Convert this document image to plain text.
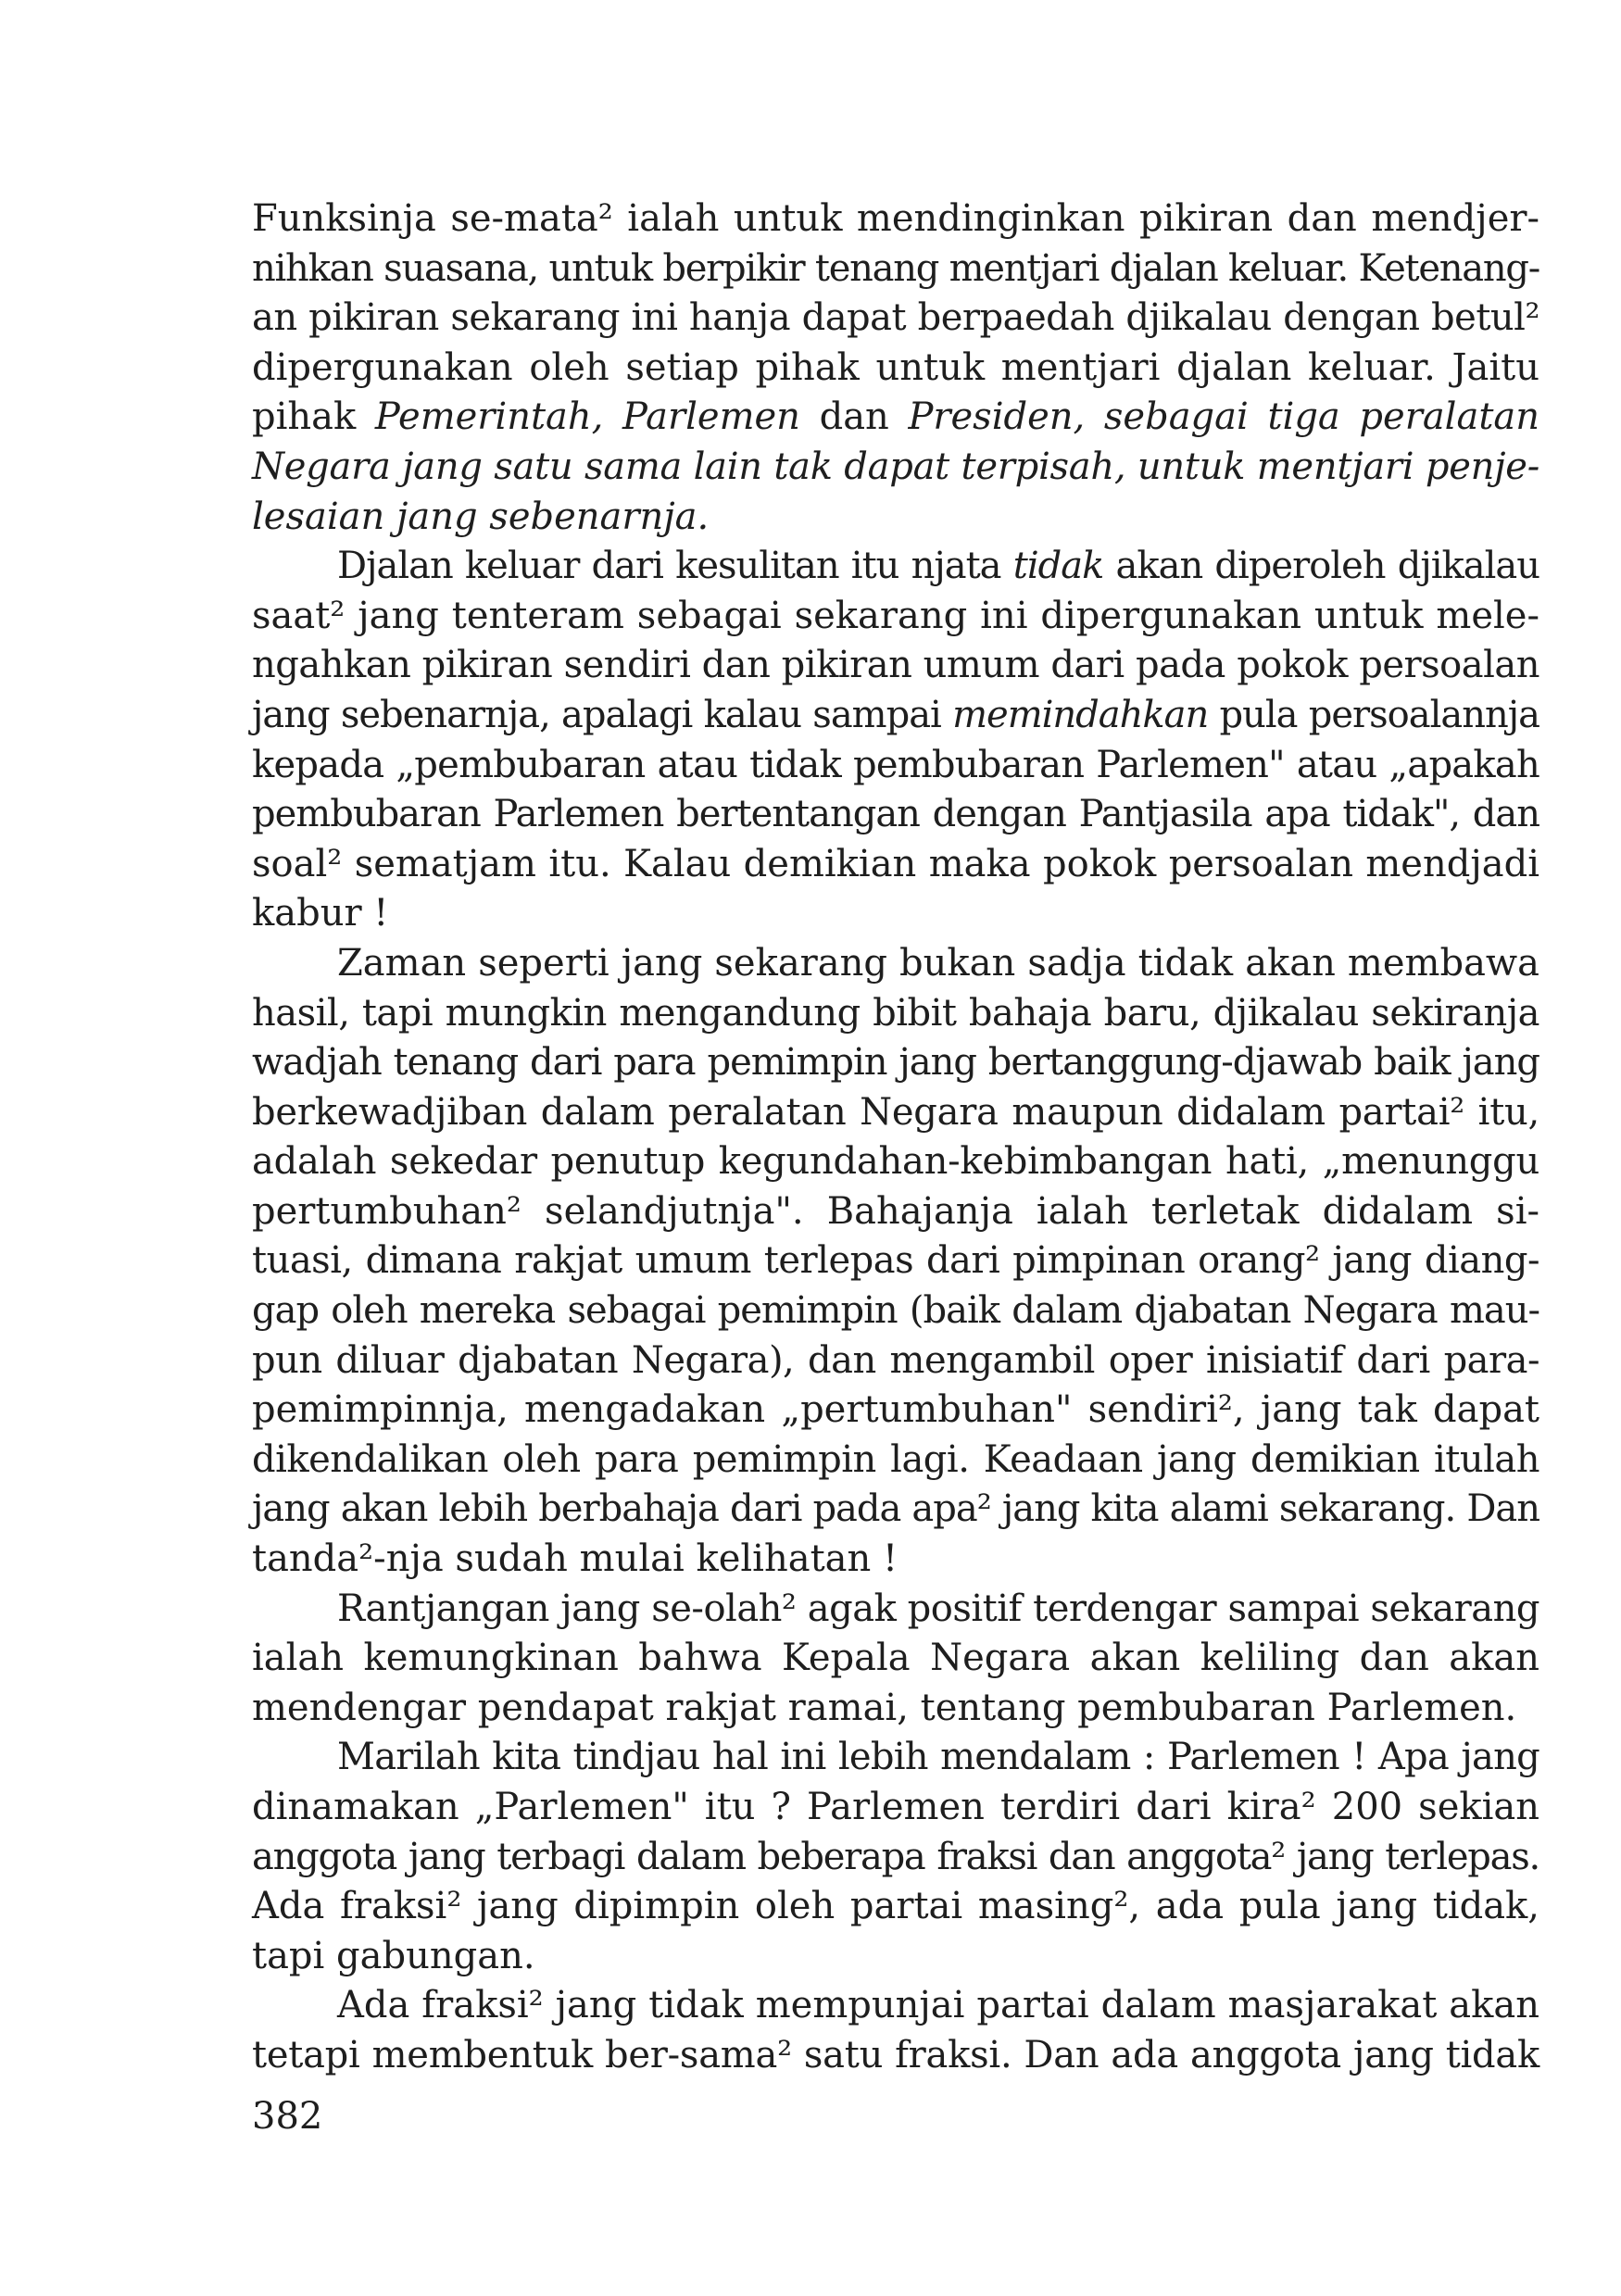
Funksinja se-mata² ialah untuk mendinginkan pikiran dan mendjer-
nihkan suasana, untuk berpikir tenang mentjari djalan keluar. Ketenang-
an pikiran sekarang ini hanja dapat berpaedah djikalau dengan betul²
dipergunakan oleh setiap pihak untuk mentjari djalan keluar. Jaitu
pihak Pemerintah, Parlemen dan Presiden, sebagai tiga peralatan
Negara jang satu sama lain tak dapat terpisah, untuk mentjari penje-
lesaian jang sebenarnja.
Djalan keluar dari kesulitan itu njata tidak akan diperoleh djikalau
saat² jang tenteram sebagai sekarang ini dipergunakan untuk mele-
ngahkan pikiran sendiri dan pikiran umum dari pada pokok persoalan
jang sebenarnja, apalagi kalau sampai memindahkan pula persoalannja
kepada „pembubaran atau tidak pembubaran Parlemen" atau „apakah
pembubaran Parlemen bertentangan dengan Pantjasila apa tidak", dan
soal² sematjam itu. Kalau demikian maka pokok persoalan mendjadi
kabur !
Zaman seperti jang sekarang bukan sadja tidak akan membawa
hasil, tapi mungkin mengandung bibit bahaja baru, djikalau sekiranja
wadjah tenang dari para pemimpin jang bertanggung-djawab baik jang
berkewadjiban dalam peralatan Negara maupun didalam partai² itu,
adalah sekedar penutup kegundahan-kebimbangan hati, „menunggu
pertumbuhan² selandjutnja". Bahajanja ialah terletak didalam si-
tuasi, dimana rakjat umum terlepas dari pimpinan orang² jang diang-
gap oleh mereka sebagai pemimpin (baik dalam djabatan Negara mau-
pun diluar djabatan Negara), dan mengambil oper inisiatif dari para-
pemimpinnja, mengadakan „pertumbuhan" sendiri², jang tak dapat
dikendalikan oleh para pemimpin lagi. Keadaan jang demikian itulah
jang akan lebih berbahaja dari pada apa² jang kita alami sekarang. Dan
tanda²-nja sudah mulai kelihatan !
Rantjangan jang se-olah² agak positif terdengar sampai sekarang
ialah kemungkinan bahwa Kepala Negara akan keliling dan akan
mendengar pendapat rakjat ramai, tentang pembubaran Parlemen.
Marilah kita tindjau hal ini lebih mendalam : Parlemen ! Apa jang
dinamakan „Parlemen" itu ? Parlemen terdiri dari kira² 200 sekian
anggota jang terbagi dalam beberapa fraksi dan anggota² jang terlepas.
Ada fraksi² jang dipimpin oleh partai masing², ada pula jang tidak,
tapi gabungan.
Ada fraksi² jang tidak mempunjai partai dalam masjarakat akan
tetapi membentuk ber-sama² satu fraksi. Dan ada anggota jang tidak
382
